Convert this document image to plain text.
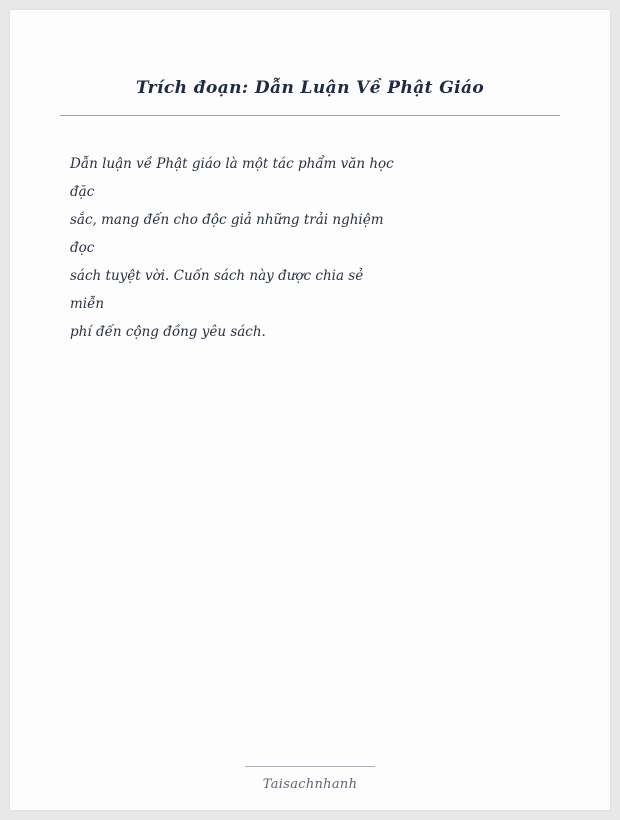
Trích đoạn: Dẫn Luận Về Phật Giáo
Dẫn luận về Phật giáo là một tác phẩm văn học
đặc
sắc, mang đến cho độc giả những trải nghiệm
đọc
sách tuyệt vời. Cuốn sách này được chia sẻ
miễn
phí đến cộng đồng yêu sách.
Taisachnhanh
